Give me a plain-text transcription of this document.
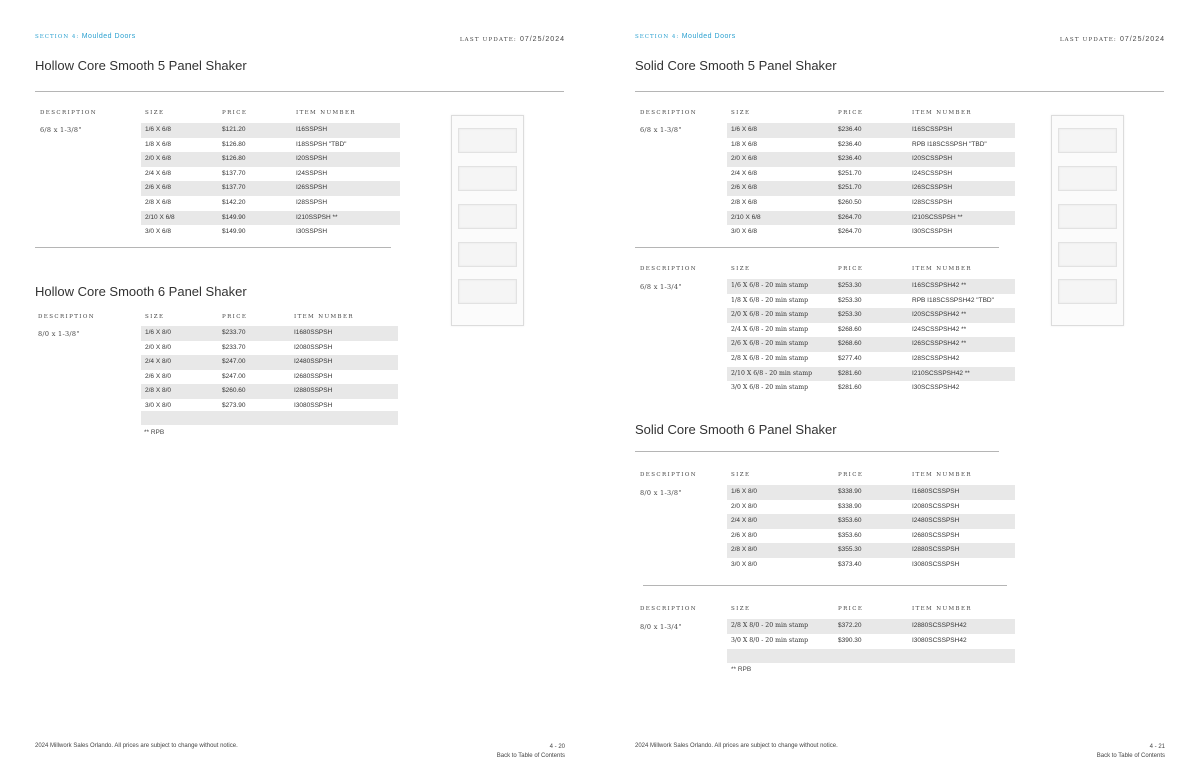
SECTION 4: Moulded Doors	LAST UPDATE: 07/25/2024
Hollow Core Smooth 5 Panel Shaker
DESCRIPTION	SIZE	PRICE	ITEM NUMBER
6/8 x 1-3/8"	1/6 X 6/8	$121.20	I16SSPSH
1/8 X 6/8	$126.80	I18SSPSH "TBD"
2/0 X 6/8	$126.80	I20SSPSH
2/4 X 6/8	$137.70	I24SSPSH
2/6 X 6/8	$137.70	I26SSPSH
2/8 X 6/8	$142.20	I28SSPSH
2/10 X 6/8	$149.90	I210SSPSH **
3/0 X 6/8	$149.90	I30SSPSH
Hollow Core Smooth 6 Panel Shaker
DESCRIPTION	SIZE	PRICE	ITEM NUMBER
8/0 x 1-3/8"	1/6 X 8/0	$233.70	I1680SSPSH
2/0 X 8/0	$233.70	I2080SSPSH
2/4 X 8/0	$247.00	I2480SSPSH
2/6 X 8/0	$247.00	I2680SSPSH
2/8 X 8/0	$260.60	I2880SSPSH
3/0 X 8/0	$273.90	I3080SSPSH
** RPB
2024 Millwork Sales Orlando. All prices are subject to change without notice.	4 - 20
Back to Table of Contents
SECTION 4: Moulded Doors	LAST UPDATE: 07/25/2024
Solid Core Smooth 5 Panel Shaker
DESCRIPTION	SIZE	PRICE	ITEM NUMBER
6/8 x 1-3/8"	1/6 X 6/8	$236.40	I16SCSSPSH
1/8 X 6/8	$236.40	RPB I18SCSSPSH "TBD"
2/0 X 6/8	$236.40	I20SCSSPSH
2/4 X 6/8	$251.70	I24SCSSPSH
2/6 X 6/8	$251.70	I26SCSSPSH
2/8 X 6/8	$260.50	I28SCSSPSH
2/10 X 6/8	$264.70	I210SCSSPSH **
3/0 X 6/8	$264.70	I30SCSSPSH
DESCRIPTION	SIZE	PRICE	ITEM NUMBER
6/8 x 1-3/4"	1/6 X 6/8 - 20 min stamp	$253.30	I16SCSSPSH42 **
1/8 X 6/8 - 20 min stamp	$253.30	RPB I18SCSSPSH42 "TBD"
2/0 X 6/8 - 20 min stamp	$253.30	I20SCSSPSH42 **
2/4 X 6/8 - 20 min stamp	$268.60	I24SCSSPSH42 **
2/6 X 6/8 - 20 min stamp	$268.60	I26SCSSPSH42 **
2/8 X 6/8 - 20 min stamp	$277.40	I28SCSSPSH42
2/10 X 6/8 - 20 min stamp	$281.60	I210SCSSPSH42 **
3/0 X 6/8 - 20 min stamp	$281.60	I30SCSSPSH42
Solid Core Smooth 6 Panel Shaker
DESCRIPTION	SIZE	PRICE	ITEM NUMBER
8/0 x 1-3/8"	1/6 X 8/0	$338.90	I1680SCSSPSH
2/0 X 8/0	$338.90	I2080SCSSPSH
2/4 X 8/0	$353.60	I2480SCSSPSH
2/6 X 8/0	$353.60	I2680SCSSPSH
2/8 X 8/0	$355.30	I2880SCSSPSH
3/0 X 8/0	$373.40	I3080SCSSPSH
DESCRIPTION	SIZE	PRICE	ITEM NUMBER
8/0 x 1-3/4"	2/8 X 8/0 - 20 min stamp	$372.20	I2880SCSSPSH42
3/0 X 8/0 - 20 min stamp	$390.30	I3080SCSSPSH42
** RPB
2024 Millwork Sales Orlando. All prices are subject to change without notice.	4 - 21
Back to Table of Contents
